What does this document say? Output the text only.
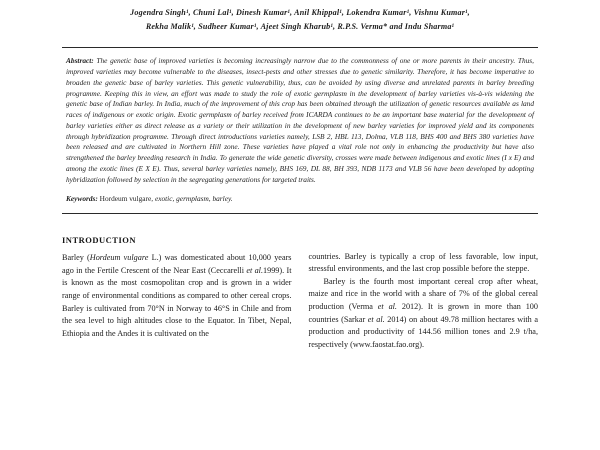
Jogendra Singh¹, Chuni Lal¹, Dinesh Kumar¹, Anil Khippal¹, Lokendra Kumar¹, Vishnu Kumar¹,
Rekha Malik¹, Sudheer Kumar¹, Ajeet Singh Kharub¹, R.P.S. Verma* and Indu Sharma¹

Abstract: The genetic base of improved varieties is becoming increasingly narrow due to the commonness of one or more parents in their ancestry. Thus, improved varieties may become vulnerable to the diseases, insect-pests and other stresses due to genetic similarity. Therefore, it has become imperative to broaden the genetic base of barley varieties. This genetic vulnerability, thus, can be avoided by using diverse and unrelated parents in barley breeding programme. Keeping this in view, an effort was made to study the role of exotic germplasm in the development of barley varieties vis-à-vis widening the genetic base of Indian barley. In India, much of the improvement of this crop has been obtained through the utilization of genetic resources available as land races of indigenous or exotic origin. Exotic germplasm of barley received from ICARDA continues to be an important base material for the development of barley varieties either as direct release as a variety or their utilization in the development of new barley varieties for improved yield and its components through hybridization programme. Through direct introductions varieties namely, LSB 2, HBL 113, Dolma, VLB 118, BHS 400 and BHS 380 varieties have been released and are cultivated in Northern Hill zone. These varieties have played a vital role not only in enhancing the productivity but have also strengthened the barley breeding research in India. To generate the wide genetic diversity, crosses were made between indigenous and exotic lines (I x E) and among the exotic lines (E X E). Thus, several barley varieties namely, BHS 169, DL 88, BH 393, NDB 1173 and VLB 56 have been developed by adopting hybridization followed by selection in the segregating generations for targeted traits.

Keywords: Hordeum vulgare, exotic, germplasm, barley.

INTRODUCTION

Barley (Hordeum vulgare L.) was domesticated about 10,000 years ago in the Fertile Crescent of the Near East (Ceccarelli et al.1999). It is known as the most cosmopolitan crop and is grown in a wider range of environmental conditions as compared to other cereal crops. Barley is cultivated from 70°N in Norway to 46°S in Chile and from the sea level to high altitudes close to the Equator. In Tibet, Nepal, Ethiopia and the Andes it is cultivated on the

countries. Barley is typically a crop of less favorable, low input, stressful environments, and the last crop possible before the steppe.

Barley is the fourth most important cereal crop after wheat, maize and rice in the world with a share of 7% of the global cereal production (Verma et al. 2012). It is grown in more than 100 countries (Sarkar et al. 2014) on about 49.78 million hectares with a production and productivity of 144.56 million tones and 2.9 t/ha, respectively (www.faostat.fao.org).
